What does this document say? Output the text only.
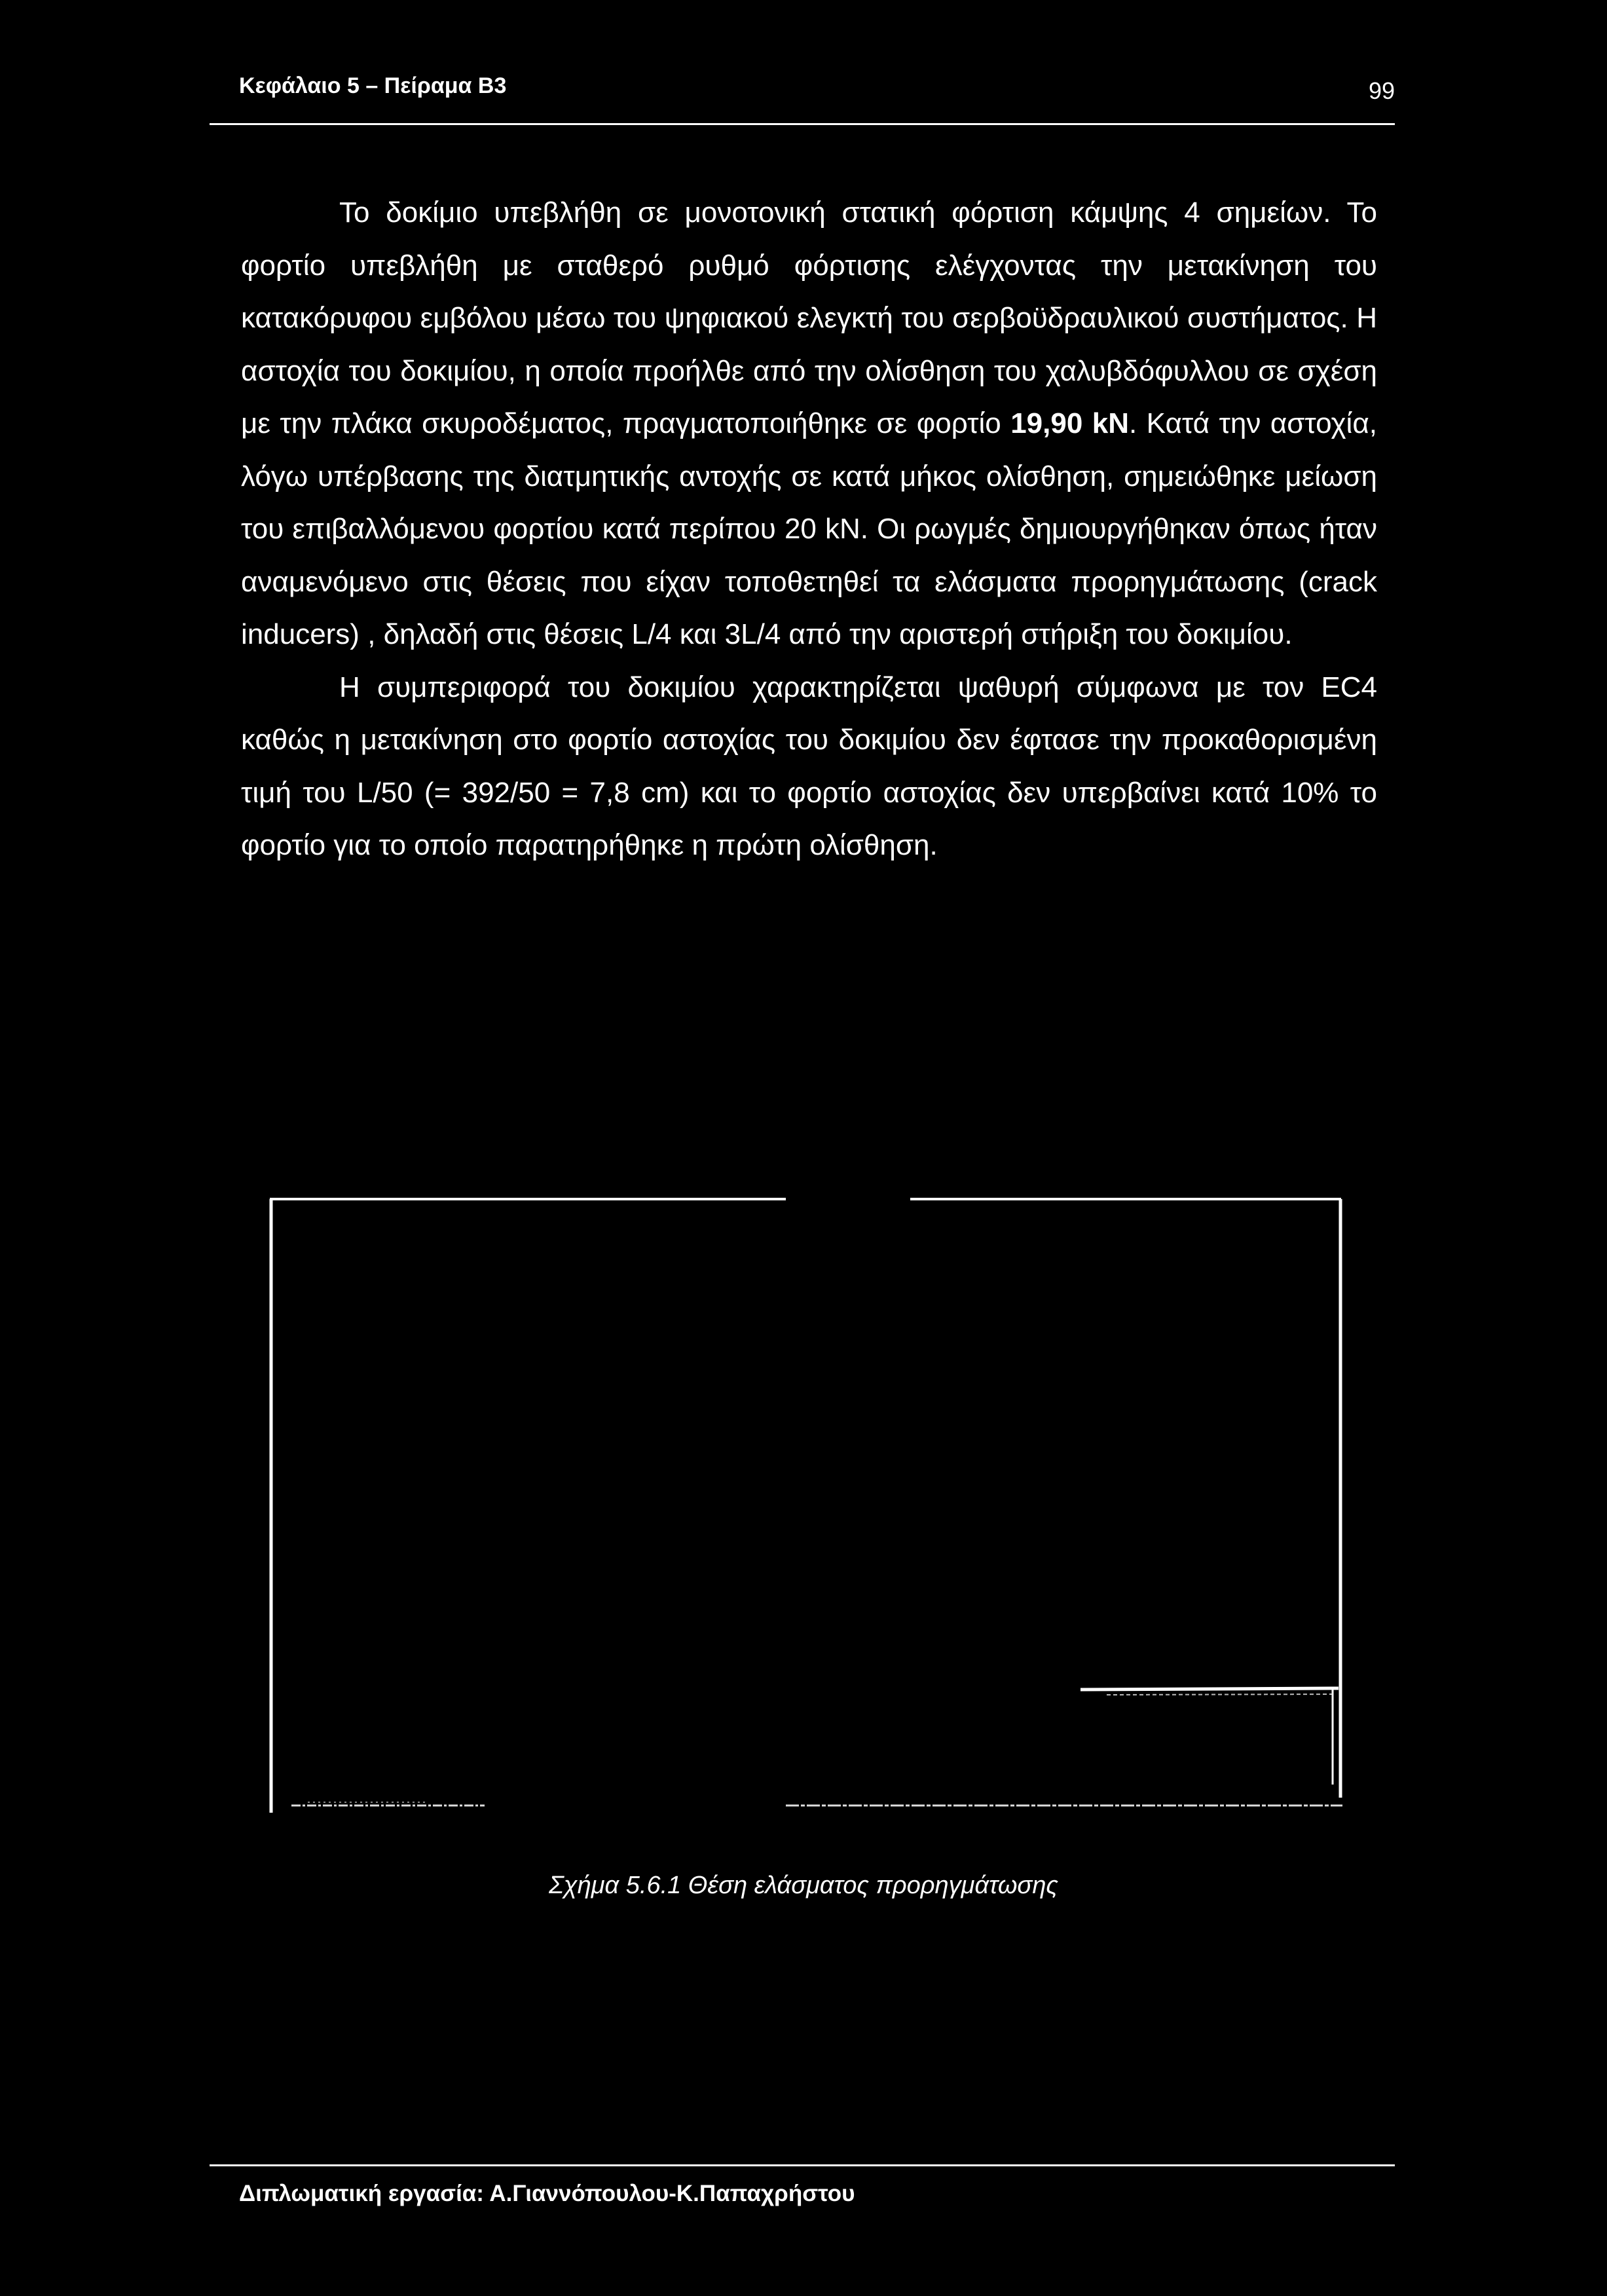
Κεφάλαιο 5 – Πείραμα Β3	99

Το δοκίμιο υπεβλήθη σε μονοτονική στατική φόρτιση κάμψης 4 σημείων. Το φορτίο υπεβλήθη με σταθερό ρυθμό φόρτισης ελέγχοντας την μετακίνηση του κατακόρυφου εμβόλου μέσω του ψηφιακού ελεγκτή του σερβοϋδραυλικού συστήματος. Η αστοχία του δοκιμίου, η οποία προήλθε από την ολίσθηση του χαλυβδόφυλλου σε σχέση με την πλάκα σκυροδέματος, πραγματοποιήθηκε σε φορτίο 19,90 kN. Κατά την αστοχία, λόγω υπέρβασης της διατμητικής αντοχής σε κατά μήκος ολίσθηση, σημειώθηκε μείωση του επιβαλλόμενου φορτίου κατά περίπου 20 kN. Οι ρωγμές δημιουργήθηκαν όπως ήταν αναμενόμενο στις θέσεις που είχαν τοποθετηθεί τα ελάσματα προρηγμάτωσης (crack inducers) , δηλαδή στις θέσεις L/4 και 3L/4 από την αριστερή στήριξη του δοκιμίου.

Η συμπεριφορά του δοκιμίου χαρακτηρίζεται ψαθυρή σύμφωνα με τον EC4 καθώς η μετακίνηση στο φορτίο αστοχίας του δοκιμίου δεν έφτασε την προκαθορισμένη τιμή του L/50 (= 392/50 = 7,8 cm) και το φορτίο αστοχίας δεν υπερβαίνει κατά 10% το φορτίο για το οποίο παρατηρήθηκε η πρώτη ολίσθηση.

Σχήμα 5.6.1 Θέση ελάσματος προρηγμάτωσης
Διπλωματική εργασία: Α.Γιαννόπουλου-Κ.Παπαχρήστου
